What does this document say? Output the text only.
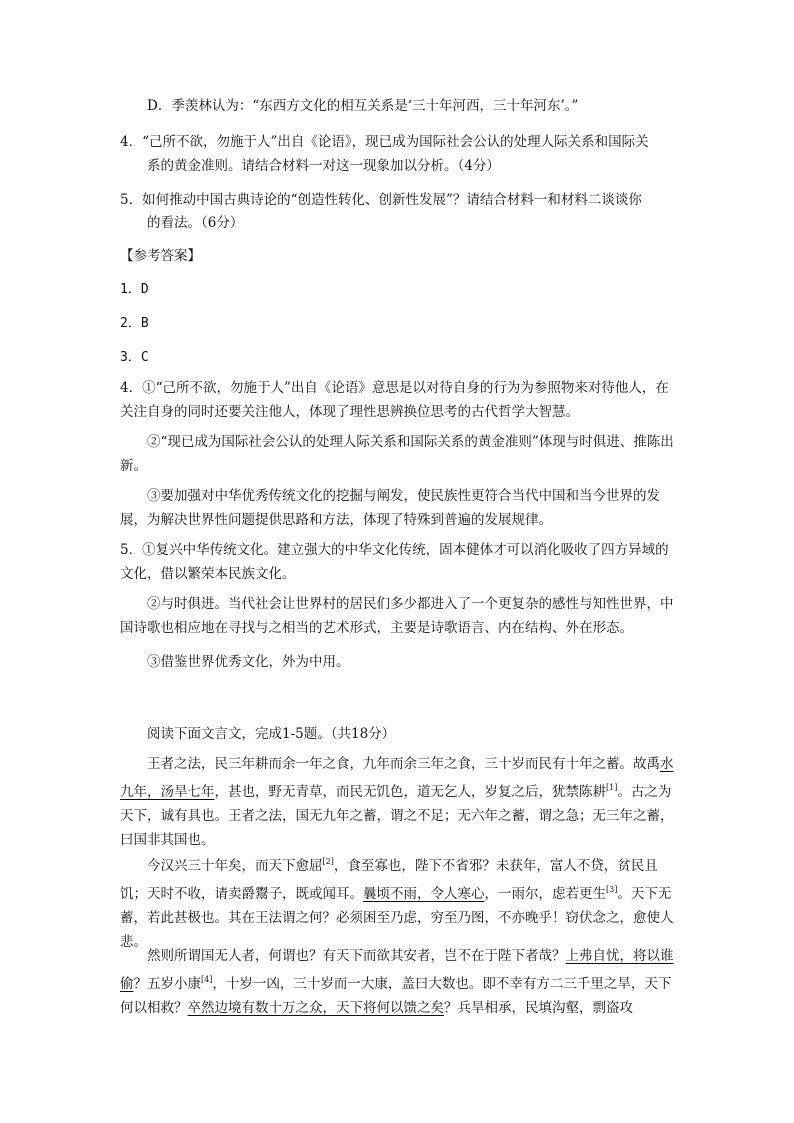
D．季羡林认为：“东西方文化的相互关系是‘三十年河西，三十年河东’。”
4．“己所不欲，勿施于人”出自《论语》，现已成为国际社会公认的处理人际关系和国际关
系的黄金准则。请结合材料一对这一现象加以分析。（4分）
5．如何推动中国古典诗论的“创造性转化、创新性发展”？请结合材料一和材料二谈谈你
的看法。（6分）
【参考答案】
1．D
2．B
3．C
4．①“己所不欲，勿施于人”出自《论语》意思是以对待自身的行为为参照物来对待他人，在关注自身的同时还要关注他人，体现了理性思辨换位思考的古代哲学大智慧。
②“现已成为国际社会公认的处理人际关系和国际关系的黄金准则”体现与时俱进、推陈出新。
③要加强对中华优秀传统文化的挖掘与阐发，使民族性更符合当代中国和当今世界的发展，为解决世界性问题提供思路和方法，体现了特殊到普遍的发展规律。
5．①复兴中华传统文化。建立强大的中华文化传统，固本健体才可以消化吸收了四方异域的文化，借以繁荣本民族文化。
②与时俱进。当代社会让世界村的居民们多少都进入了一个更复杂的感性与知性世界，中国诗歌也相应地在寻找与之相当的艺术形式，主要是诗歌语言、内在结构、外在形态。
③借鉴世界优秀文化，外为中用。
阅读下面文言文，完成1-5题。（共18分）
王者之法，民三年耕而余一年之食，九年而余三年之食，三十岁而民有十年之蓄。故禹水九年，汤旱七年，甚也，野无青草，而民无饥色，道无乞人，岁复之后，犹禁陈耕[1]。古之为天下，诚有具也。王者之法，国无九年之蓄，谓之不足；无六年之蓄，谓之急；无三年之蓄，曰国非其国也。
今汉兴三十年矣，而天下愈屈[2]，食至寡也，陛下不省邪？未获年，富人不贷，贫民且饥；天时不收，请卖爵鬻子，既或闻耳。曩顷不雨，令人寒心，一雨尔，虑若更生[3]。天下无蓄，若此甚极也。其在王法谓之何？必须困至乃虑，穷至乃图，不亦晚乎！窃伏念之，愈使人悲。
然则所谓国无人者，何谓也？有天下而欲其安者，岂不在于陛下者哉？上弗自忧，将以谁偷？五岁小康[4]，十岁一凶，三十岁而一大康，盖曰大数也。即不幸有方二三千里之旱，天下何以相救？卒然边境有数十万之众，天下将何以馈之矣？兵旱相承，民填沟壑，剽盗攻
